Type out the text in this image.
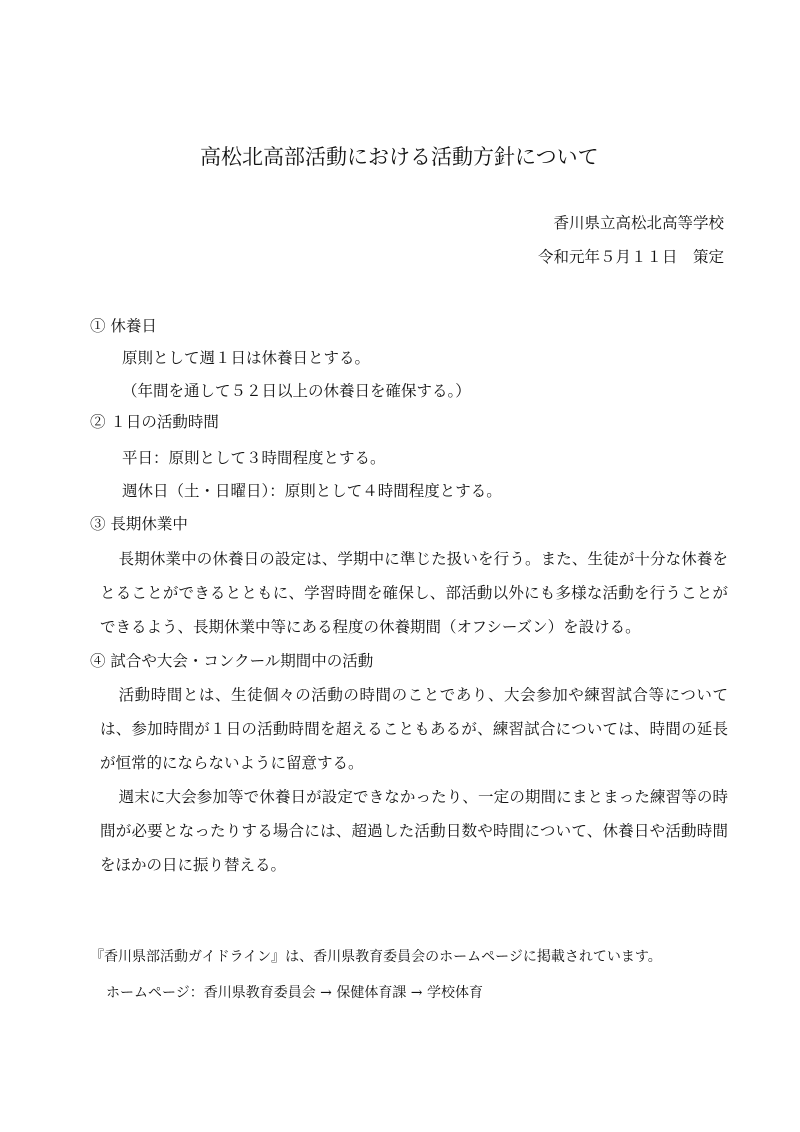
高松北高部活動における活動方針について
香川県立高松北高等学校
令和元年５月１１日　策定
① 休養日
原則として週１日は休養日とする。
（年間を通して５２日以上の休養日を確保する。）
② １日の活動時間
平日：原則として３時間程度とする。
週休日（土・日曜日）：原則として４時間程度とする。
③ 長期休業中

長期休業中の休養日の設定は、学期中に準じた扱いを行う。また、生徒が十分な休養をとることができるとともに、学習時間を確保し、部活動以外にも多様な活動を行うことができるよう、長期休業中等にある程度の休養期間（オフシーズン）を設ける。

④ 試合や大会・コンクール期間中の活動

活動時間とは、生徒個々の活動の時間のことであり、大会参加や練習試合等については、参加時間が１日の活動時間を超えることもあるが、練習試合については、時間の延長が恒常的にならないように留意する。

週末に大会参加等で休養日が設定できなかったり、一定の期間にまとまった練習等の時間が必要となったりする場合には、超過した活動日数や時間について、休養日や活動時間をほかの日に振り替える。

『香川県部活動ガイドライン』は、香川県教育委員会のホームページに掲載されています。
ホームページ：香川県教育委員会 → 保健体育課 → 学校体育
